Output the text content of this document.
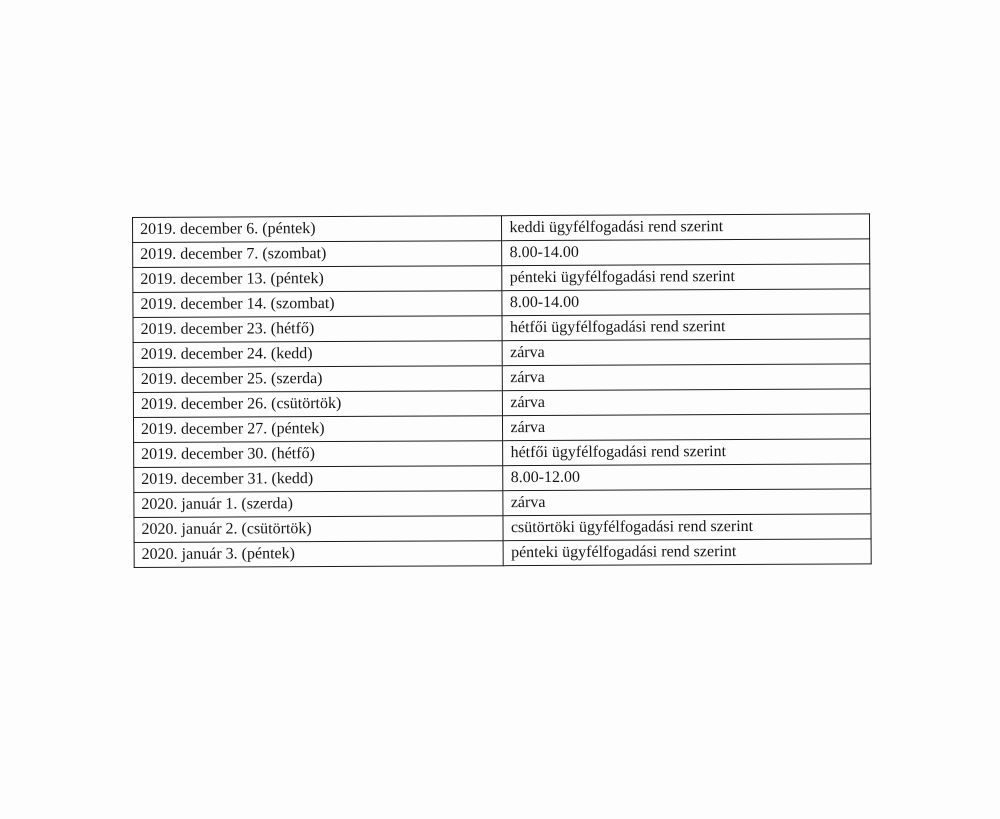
2019. december 6. (péntek)	keddi ügyfélfogadási rend szerint
2019. december 7. (szombat)	8.00-14.00
2019. december 13. (péntek)	pénteki ügyfélfogadási rend szerint
2019. december 14. (szombat)	8.00-14.00
2019. december 23. (hétfő)	hétfői ügyfélfogadási rend szerint
2019. december 24. (kedd)	zárva
2019. december 25. (szerda)	zárva
2019. december 26. (csütörtök)	zárva
2019. december 27. (péntek)	zárva
2019. december 30. (hétfő)	hétfői ügyfélfogadási rend szerint
2019. december 31. (kedd)	8.00-12.00
2020. január 1. (szerda)	zárva
2020. január 2. (csütörtök)	csütörtöki ügyfélfogadási rend szerint
2020. január 3. (péntek)	pénteki ügyfélfogadási rend szerint
